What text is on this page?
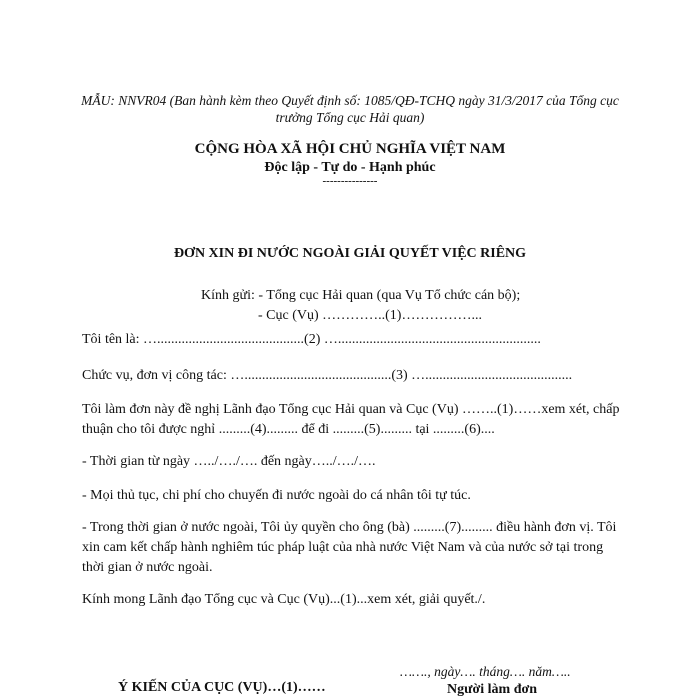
MẪU: NNVR04 (Ban hành kèm theo Quyết định số: 1085/QĐ-TCHQ ngày 31/3/2017 của Tổng cục trưởng Tổng cục Hải quan)
CỘNG HÒA XÃ HỘI CHỦ NGHĨA VIỆT NAM
Độc lập - Tự do - Hạnh phúc
---------------
ĐƠN XIN ĐI NƯỚC NGOÀI GIẢI QUYẾT VIỆC RIÊNG
Kính gửi: - Tổng cục Hải quan (qua Vụ Tổ chức cán bộ);
- Cục (Vụ) …………..(1)……………...
Tôi tên là: …..........................................(2) …..........................................................
Chức vụ, đơn vị công tác: …..........................................(3) …..........................................
Tôi làm đơn này đề nghị Lãnh đạo Tổng cục Hải quan và Cục (Vụ) ……..(1)……xem xét, chấp thuận cho tôi được nghỉ .........(4)......... để đi .........(5)......... tại .........(6)....
- Thời gian từ ngày …../…./…. đến ngày…../…./….
- Mọi thủ tục, chi phí cho chuyến đi nước ngoài do cá nhân tôi tự túc.
- Trong thời gian ở nước ngoài, Tôi ủy quyền cho ông (bà) .........(7)......... điều hành đơn vị. Tôi xin cam kết chấp hành nghiêm túc pháp luật của nhà nước Việt Nam và của nước sở tại trong thời gian ở nước ngoài.
Kính mong Lãnh đạo Tổng cục và Cục (Vụ)...(1)...xem xét, giải quyết./.
Ý KIẾN CỦA CỤC (VỤ)…(1)……
……., ngày…. tháng…. năm…..
Người làm đơn
